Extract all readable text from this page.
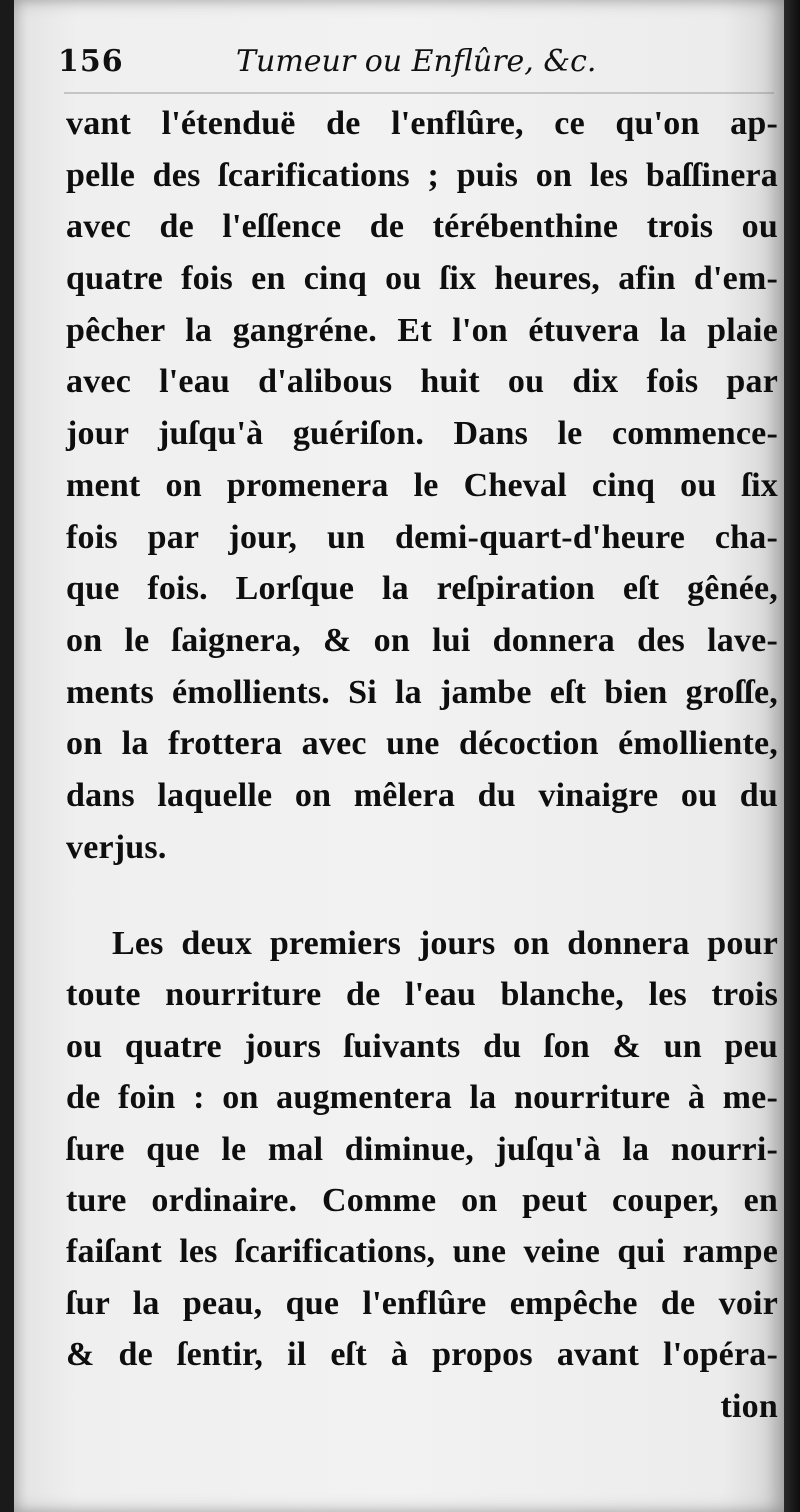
156	Tumeur ou Enflûre, &c.
vant l'étenduë de l'enflûre, ce qu'on ap-
pelle des ſcarifications ; puis on les baſſinera
avec de l'eſſence de térébenthine trois ou
quatre fois en cinq ou ſix heures, afin d'em-
pêcher la gangréne. Et l'on étuvera la plaie
avec l'eau d'alibous huit ou dix fois par
jour juſqu'à guériſon. Dans le commence-
ment on promenera le Cheval cinq ou ſix
fois par jour, un demi-quart-d'heure cha-
que fois. Lorſque la reſpiration eſt gênée,
on le ſaignera, & on lui donnera des lave-
ments émollients. Si la jambe eſt bien groſſe,
on la frottera avec une décoction émolliente,
dans laquelle on mêlera du vinaigre ou du
verjus.
Les deux premiers jours on donnera pour
toute nourriture de l'eau blanche, les trois
ou quatre jours ſuivants du ſon & un peu
de foin : on augmentera la nourriture à me-
ſure que le mal diminue, juſqu'à la nourri-
ture ordinaire. Comme on peut couper, en
faiſant les ſcarifications, une veine qui rampe
ſur la peau, que l'enflûre empêche de voir
& de ſentir, il eſt à propos avant l'opéra-
tion
